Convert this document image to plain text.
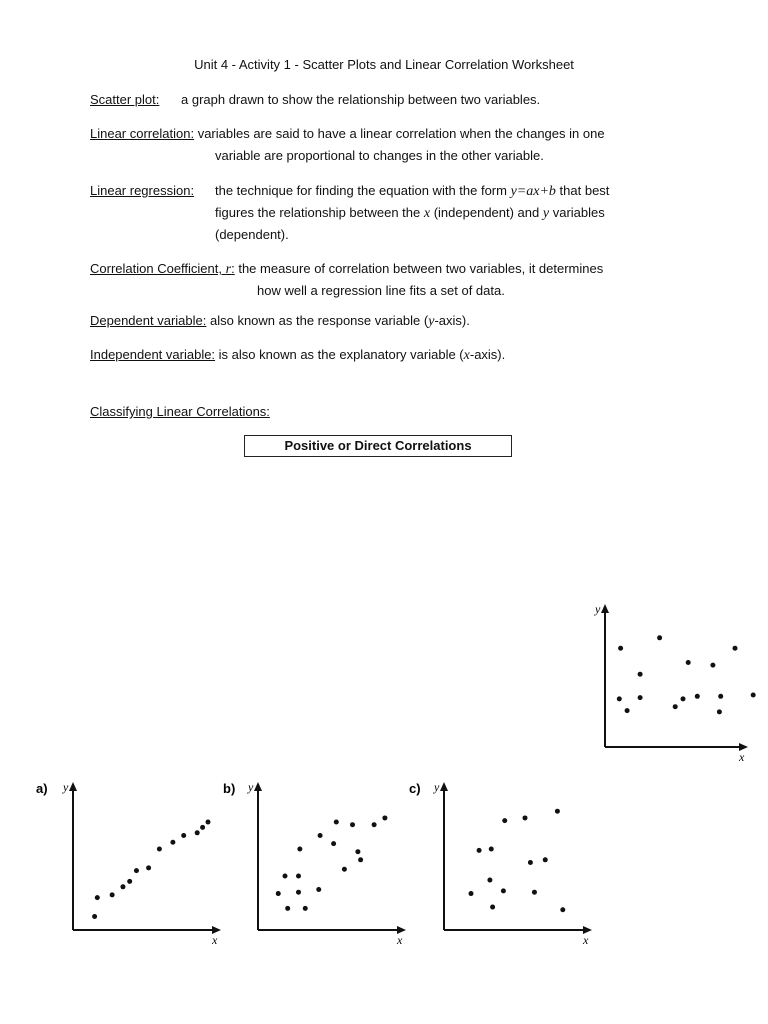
Unit 4 - Activity 1 - Scatter Plots and Linear Correlation Worksheet
Scatter plot: a graph drawn to show the relationship between two variables.
Linear correlation: variables are said to have a linear correlation when the changes in one
variable are proportional to changes in the other variable.
Linear regression: the technique for finding the equation with the form y=ax+b that best
figures the relationship between the x (independent) and y variables
(dependent).
Correlation Coefficient, r: the measure of correlation between two variables, it determines
how well a regression line fits a set of data.
Dependent variable: also known as the response variable (y-axis).
Independent variable: is also known as the explanatory variable (x-axis).
Classifying Linear Correlations:
Positive or Direct Correlations
y
x
y
x
a)	y
x
b)	y
x
c)
